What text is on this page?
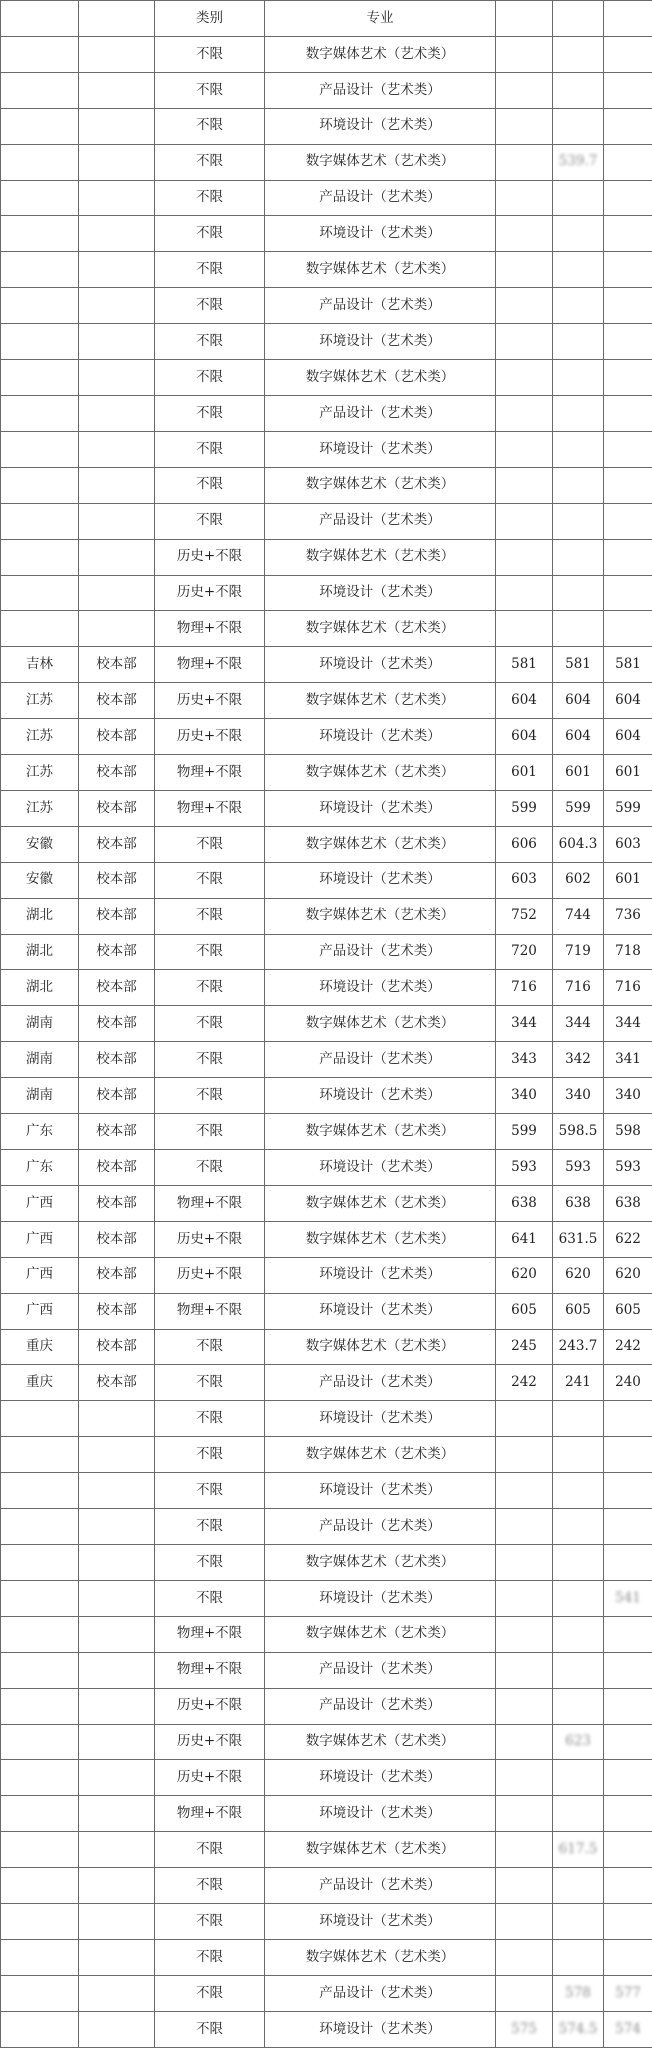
		类别	专业			
		不限	数字媒体艺术（艺术类）			
		不限	产品设计（艺术类）			
		不限	环境设计（艺术类）			
		不限	数字媒体艺术（艺术类）		539.7	
		不限	产品设计（艺术类）			
		不限	环境设计（艺术类）			
		不限	数字媒体艺术（艺术类）			
		不限	产品设计（艺术类）			
		不限	环境设计（艺术类）			
		不限	数字媒体艺术（艺术类）			
		不限	产品设计（艺术类）			
		不限	环境设计（艺术类）			
		不限	数字媒体艺术（艺术类）			
		不限	产品设计（艺术类）			
		历史+不限	数字媒体艺术（艺术类）			
		历史+不限	环境设计（艺术类）			
		物理+不限	数字媒体艺术（艺术类）			
吉林	校本部	物理+不限	环境设计（艺术类）	581	581	581
江苏	校本部	历史+不限	数字媒体艺术（艺术类）	604	604	604
江苏	校本部	历史+不限	环境设计（艺术类）	604	604	604
江苏	校本部	物理+不限	数字媒体艺术（艺术类）	601	601	601
江苏	校本部	物理+不限	环境设计（艺术类）	599	599	599
安徽	校本部	不限	数字媒体艺术（艺术类）	606	604.3	603
安徽	校本部	不限	环境设计（艺术类）	603	602	601
湖北	校本部	不限	数字媒体艺术（艺术类）	752	744	736
湖北	校本部	不限	产品设计（艺术类）	720	719	718
湖北	校本部	不限	环境设计（艺术类）	716	716	716
湖南	校本部	不限	数字媒体艺术（艺术类）	344	344	344
湖南	校本部	不限	产品设计（艺术类）	343	342	341
湖南	校本部	不限	环境设计（艺术类）	340	340	340
广东	校本部	不限	数字媒体艺术（艺术类）	599	598.5	598
广东	校本部	不限	环境设计（艺术类）	593	593	593
广西	校本部	物理+不限	数字媒体艺术（艺术类）	638	638	638
广西	校本部	历史+不限	数字媒体艺术（艺术类）	641	631.5	622
广西	校本部	历史+不限	环境设计（艺术类）	620	620	620
广西	校本部	物理+不限	环境设计（艺术类）	605	605	605
重庆	校本部	不限	数字媒体艺术（艺术类）	245	243.7	242
重庆	校本部	不限	产品设计（艺术类）	242	241	240
		不限	环境设计（艺术类）			
		不限	数字媒体艺术（艺术类）			
		不限	环境设计（艺术类）			
		不限	产品设计（艺术类）			
		不限	数字媒体艺术（艺术类）			
		不限	环境设计（艺术类）			541
		物理+不限	数字媒体艺术（艺术类）			
		物理+不限	产品设计（艺术类）			
		历史+不限	产品设计（艺术类）			
		历史+不限	数字媒体艺术（艺术类）		623	
		历史+不限	环境设计（艺术类）			
		物理+不限	环境设计（艺术类）			
		不限	数字媒体艺术（艺术类）		617.5	
		不限	产品设计（艺术类）			
		不限	环境设计（艺术类）			
		不限	数字媒体艺术（艺术类）			
		不限	产品设计（艺术类）		578	577
		不限	环境设计（艺术类）	575	574.5	574
